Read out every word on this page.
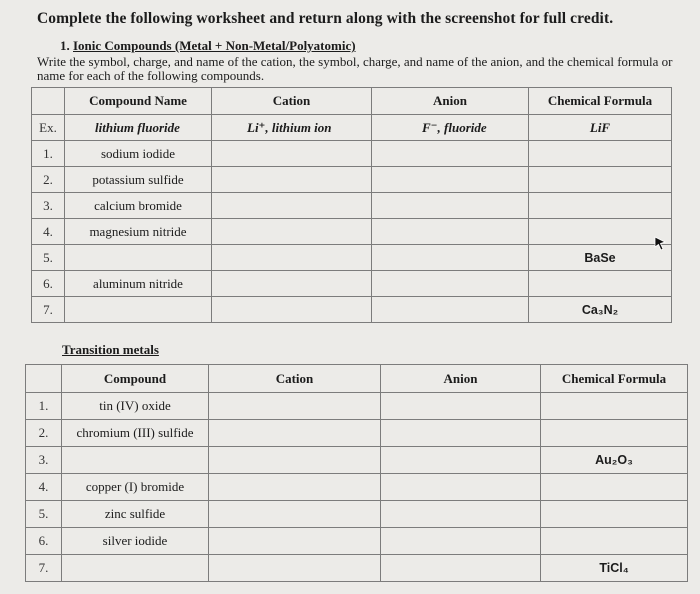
Complete the following worksheet and return along with the screenshot for full credit.
1. Ionic Compounds (Metal + Non-Metal/Polyatomic)
Write the symbol, charge, and name of the cation, the symbol, charge, and name of the anion, and the chemical formula or name for each of the following compounds.
	Compound Name	Cation	Anion	Chemical Formula
Ex.	lithium fluoride	Li⁺, lithium ion	F⁻, fluoride	LiF
1.	sodium iodide			
2.	potassium sulfide			
3.	calcium bromide			
4.	magnesium nitride			
5.				BaSe
6.	aluminum nitride			
7.				Ca₃N₂
Transition metals
	Compound	Cation	Anion	Chemical Formula
1.	tin (IV) oxide			
2.	chromium (III) sulfide			
3.				Au₂O₃
4.	copper (I) bromide			
5.	zinc sulfide			
6.	silver iodide			
7.				TiCl₄
